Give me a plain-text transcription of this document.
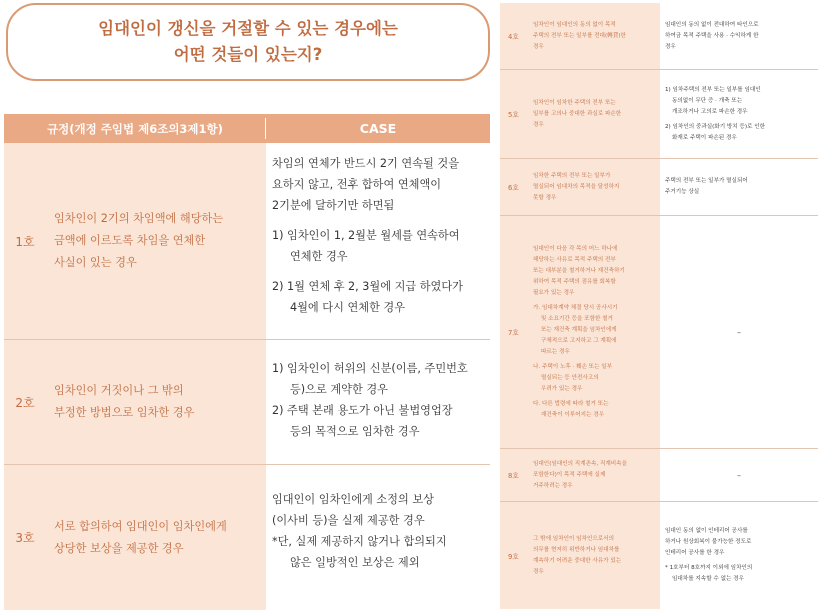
임대인이 갱신을 거절할 수 있는 경우에는
어떤 것들이 있는지?
규정(개정 주임법 제6조의3제1항)	CASE
1호
임차인이 2기의 차임액에 해당하는
금액에 이르도록 차임을 연체한
사실이 있는 경우
차임의 연체가 반드시 2기 연속될 것을
요하지 않고, 전후 합하여 연체액이
2기분에 달하기만 하면됨
1) 임차인이 1, 2월분 월세를 연속하여
연체한 경우
2) 1월 연체 후 2, 3월에 지급 하였다가
4월에 다시 연체한 경우
2호
임차인이 거짓이나 그 밖의
부정한 방법으로 임차한 경우
1) 임차인이 허위의 신분(이름, 주민번호
등)으로 계약한 경우
2) 주택 본래 용도가 아닌 불법영업장
등의 목적으로 임차한 경우
3호
서로 합의하여 임대인이 임차인에게
상당한 보상을 제공한 경우
임대인이 임차인에게 소정의 보상
(이사비 등)을 실제 제공한 경우
*단, 실제 제공하지 않거나 합의되지
않은 일방적인 보상은 제외
4호
임차인이 임대인의 동의 없이 목적
주택의 전부 또는 일부를 전대(轉貸)한
경우
임대인의 동의 없이 전대하여 타인으로
하여금 목적 주택을 사용 · 수익하게 한
경우
5호
임차인이 임차한 주택의 전부 또는
일부를 고의나 중대한 과실로 파손한
경우
1) 임차주택의 전부 또는 일부를 임대인
동의없이 무단 증 · 개축 또는
개조하거나 고의로 파손한 경우
2) 임차인의 중과실(화기 방치 등)로 인한
화재로 주택이 파손된 경우
6호
임차한 주택의 전부 또는 일부가
멸실되어 임대차의 목적을 달성하지
못할 경우
주택의 전부 또는 일부가 멸실되어
주거기능 상실
7호
임대인이 다음 각 목의 어느 하나에
해당하는 사유로 목적 주택의 전부
또는 대부분을 철거하거나 재건축하기
위하여 목적 주택의 점유를 회복할
필요가 있는 경우
가. 임대차계약 체결 당시 공사시기
및 소요기간 등을 포함한 철거
또는 재건축 계획을 임차인에게
구체적으로 고지하고 그 계획에
따르는 경우
나. 주택이 노후 · 훼손 또는 일부
멸실되는 등 안전사고의
우려가 있는 경우
다. 다른 법령에 따라 철거 또는
재건축이 이루어지는 경우
–
8호
임대인(임대인의 직계존속, 직계비속을
포함한다)이 목적 주택에 실제
거주하려는 경우
–
9호
그 밖에 임차인이 임차인으로서의
의무를 현저히 위반하거나 임대차를
계속하기 어려운 중대한 사유가 있는
경우
임대인 동의 없이 인테리어 공사를
하거나 원상회복이 불가능한 정도로
인테리어 공사를 한 경우
* 1호부터 8호까지 이외에 임차인의
임대차를 지속할 수 없는 경우
